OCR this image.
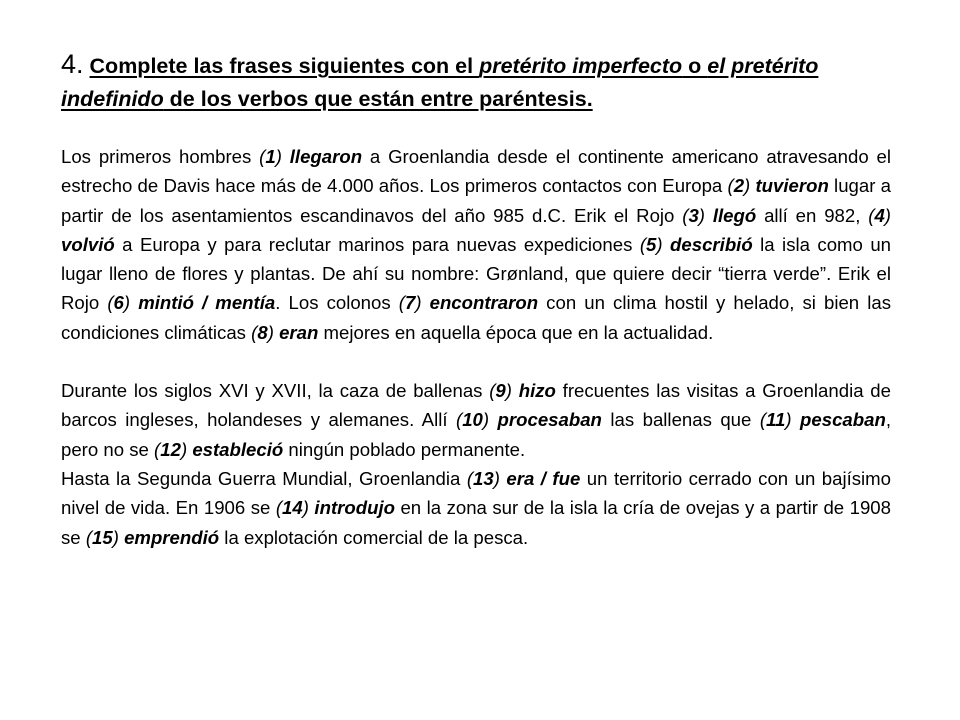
4. Complete las frases siguientes con el pretérito imperfecto o el pretérito indefinido de los verbos que están entre paréntesis.

Los primeros hombres (1) llegaron a Groenlandia desde el continente americano atravesando el estrecho de Davis hace más de 4.000 años. Los primeros contactos con Europa (2) tuvieron lugar a partir de los asentamientos escandinavos del año 985 d.C. Erik el Rojo (3) llegó allí en 982, (4) volvió a Europa y para reclutar marinos para nuevas expediciones (5) describió la isla como un lugar lleno de flores y plantas. De ahí su nombre: Grønland, que quiere decir “tierra verde”. Erik el Rojo (6) mintió / mentía. Los colonos (7) encontraron con un clima hostil y helado, si bien las condiciones climáticas (8) eran mejores en aquella época que en la actualidad.

Durante los siglos XVI y XVII, la caza de ballenas (9) hizo frecuentes las visitas a Groenlandia de barcos ingleses, holandeses y alemanes. Allí (10) procesaban las ballenas que (11) pescaban, pero no se (12) estableció ningún poblado permanente.

Hasta la Segunda Guerra Mundial, Groenlandia (13) era / fue un territorio cerrado con un bajísimo nivel de vida. En 1906 se (14) introdujo en la zona sur de la isla la cría de ovejas y a partir de 1908 se (15) emprendió la explotación comercial de la pesca.
